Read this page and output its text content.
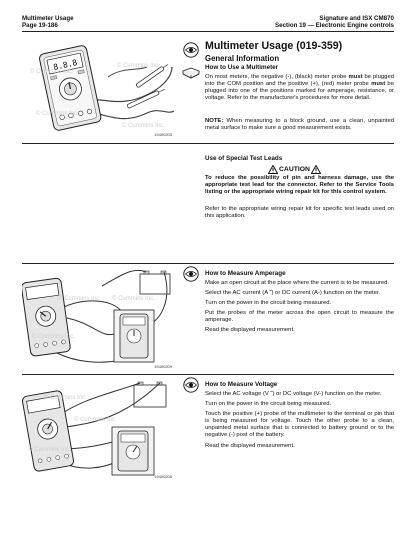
Multimeter Usage
Page 19-186
Signature and ISX CM870
Section 19 — Electronic Engine controls
8.8.8
© Cummins Inc.
© Cummins Inc.
© Cummins Inc.
© Cummins Inc.
19400203
Multimeter Usage (019-359)
General Information
How to Use a Multimeter
On most meters, the negative (-), (black) meter probe must be plugged into the COM position and the positive (+), (red) meter probe must be plugged into one of the positions marked for amperage, resistance, or voltage. Refer to the manufacturer's procedures for more detail.
NOTE: When measuring to a block ground, use a clean, unpainted metal surface to make sure a good measurement exists.
Use of Special Test Leads
CAUTION
To reduce the possibility of pin and harness damage, use the appropriate test lead for the connector. Refer to the Service Tools listing or the appropriate wiring repair kit for this control system.
Refer to the appropriate wiring repair kit for specific test leads used on this application.
© Cummins Inc. © Cummins Inc.
© Cummins Inc.
19400209
How to Measure Amperage
Make an open circuit at the place where the current is to be measured.
Select the AC current (A ˜) or DC current (A-) function on the meter.
Turn on the power in the circuit being measured.
Put the probes of the meter across the open circuit to measure the amperage.
Read the displayed measurement.
© Cummins Inc.
© Cummins Inc.
© Cummins Inc.
19400205
How to Measure Voltage
Select the AC voltage (V ˜) or DC voltage (V-) function on the meter.
Turn on the power in the circuit being measured.
Touch the positive (+) probe of the multimeter to the terminal or pin that is being measured for voltage. Touch the other probe to a clean, unpainted metal surface that is connected to battery ground or to the negative (-) post of the battery.
Read the displayed measurement.
